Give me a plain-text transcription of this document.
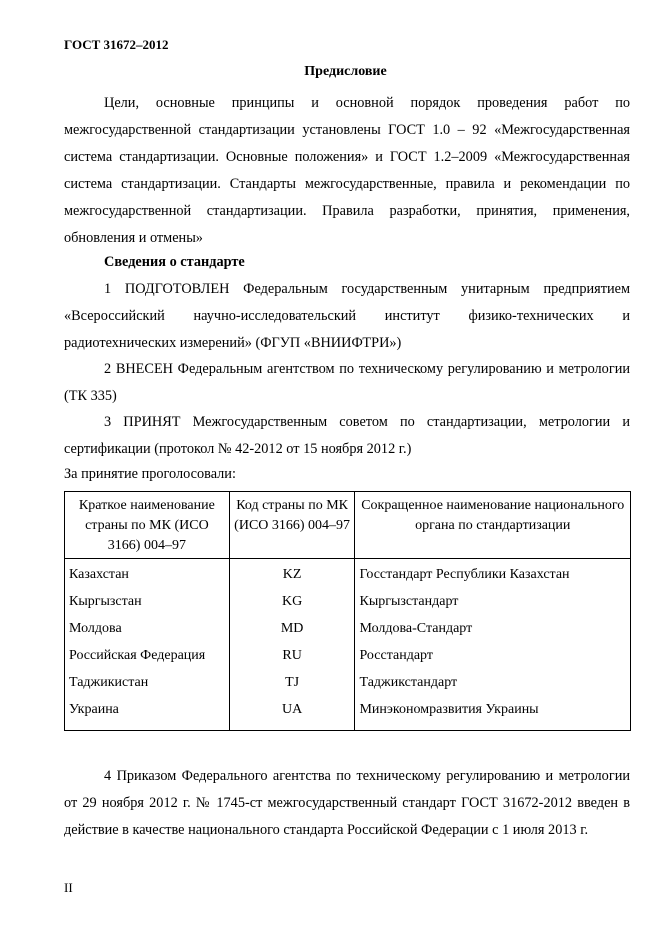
ГОСТ 31672–2012
Предисловие
Цели, основные принципы и основной порядок проведения работ по межгосударственной стандартизации установлены ГОСТ 1.0 – 92 «Межгосударственная система стандартизации. Основные положения» и ГОСТ 1.2–2009 «Межгосударственная система стандартизации. Стандарты межгосударственные, правила и рекомендации по межгосударственной стандартизации. Правила разработки, принятия, применения, обновления и отмены»
Сведения о стандарте
1 ПОДГОТОВЛЕН Федеральным государственным унитарным предприятием «Всероссийский научно-исследовательский институт физико-технических и радиотехнических измерений» (ФГУП «ВНИИФТРИ»)
2 ВНЕСЕН Федеральным агентством по техническому регулированию и метрологии (ТК 335)
3 ПРИНЯТ Межгосударственным советом по стандартизации, метрологии и сертификации (протокол № 42-2012 от 15 ноября 2012 г.)
За принятие проголосовали:
Краткое наименование страны по МК (ИСО 3166) 004–97	Код страны по МК (ИСО 3166) 004–97	Сокращенное наименование национального органа по стандартизации
Казахстан	KZ	Госстандарт Республики Казахстан
Кыргызстан	KG	Кыргызстандарт
Молдова	MD	Молдова-Стандарт
Российская Федерация	RU	Росстандарт
Таджикистан	TJ	Таджикстандарт
Украина	UA	Минэкономразвития Украины
4 Приказом Федерального агентства по техническому регулированию и метрологии от 29 ноября 2012 г. № 1745-ст межгосударственный стандарт ГОСТ 31672-2012 введен в действие в качестве национального стандарта Российской Федерации с 1 июля 2013 г.
II
